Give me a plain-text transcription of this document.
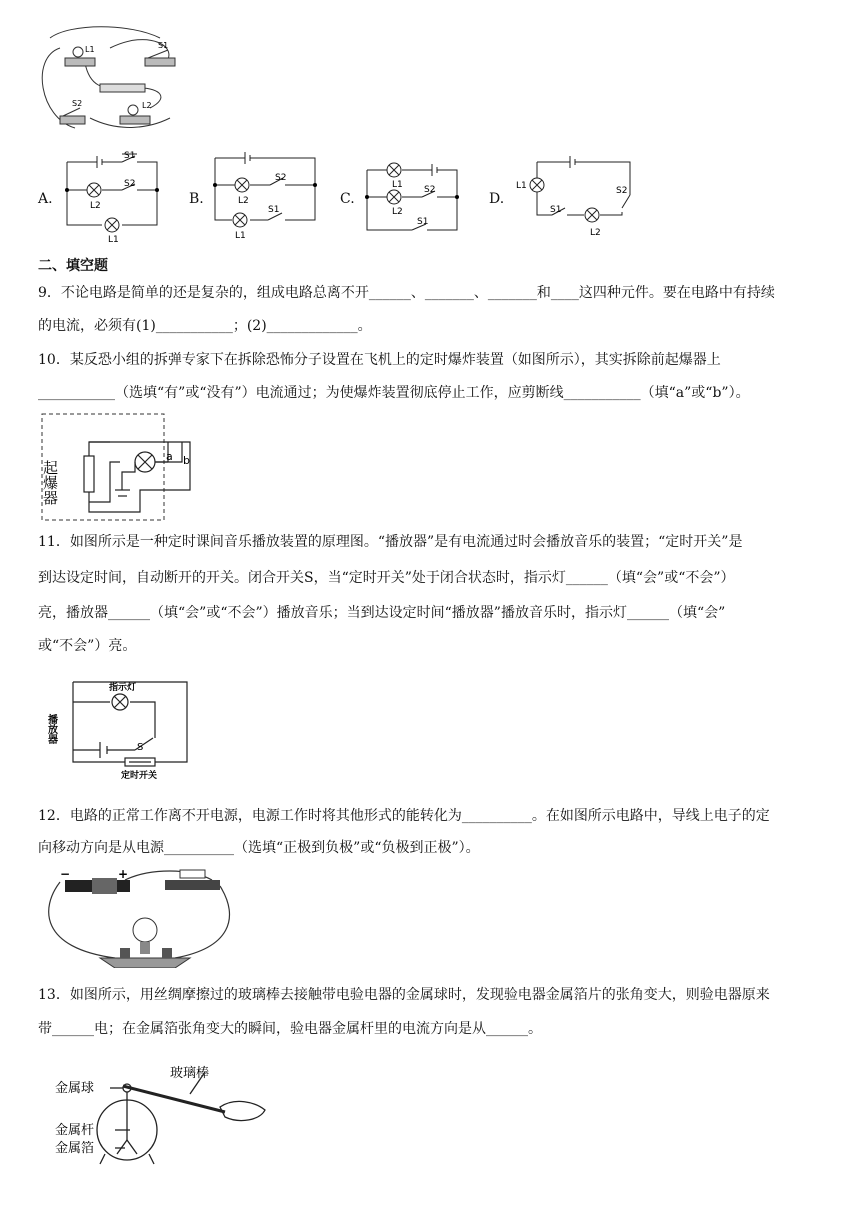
L1	S1
S2	L2
A.
S1
S2
L2
L1
B.
S2
L2
S1
L1
C.
L1 S2
L2
S1
D.
L1	S2
S1
L2
二、填空题
9．不论电路是简单的还是复杂的，组成电路总离不开______、_______、_______和____这四种元件。要在电路中有持续
的电流，必须有(1)___________；(2)_____________。
10．某反恐小组的拆弹专家下在拆除恐怖分子设置在飞机上的定时爆炸装置（如图所示），其实拆除前起爆器上
___________（选填“有”或“没有”）电流通过；为使爆炸装置彻底停止工作，应剪断线___________（填“a”或“b”）。
起爆器
a b
11．如图所示是一种定时课间音乐播放装置的原理图。“播放器”是有电流通过时会播放音乐的装置；“定时开关”是
到达设定时间，自动断开的开关。闭合开关S，当“定时开关”处于闭合状态时，指示灯______（填“会”或“不会”）
亮，播放器______（填“会”或“不会”）播放音乐；当到达设定时间“播放器”播放音乐时，指示灯______（填“会”
或“不会”）亮。
指示灯
播放器
S
定时开关
12．电路的正常工作离不开电源，电源工作时将其他形式的能转化为__________。在如图所示电路中，导线上电子的定
向移动方向是从电源__________（选填“正极到负极”或“负极到正极”）。
−	+
13．如图所示，用丝绸摩擦过的玻璃棒去接触带电验电器的金属球时，发现验电器金属箔片的张角变大，则验电器原来
带______电；在金属箔张角变大的瞬间，验电器金属杆里的电流方向是从______。
玻璃棒
金属球
金属杆
金属箔
